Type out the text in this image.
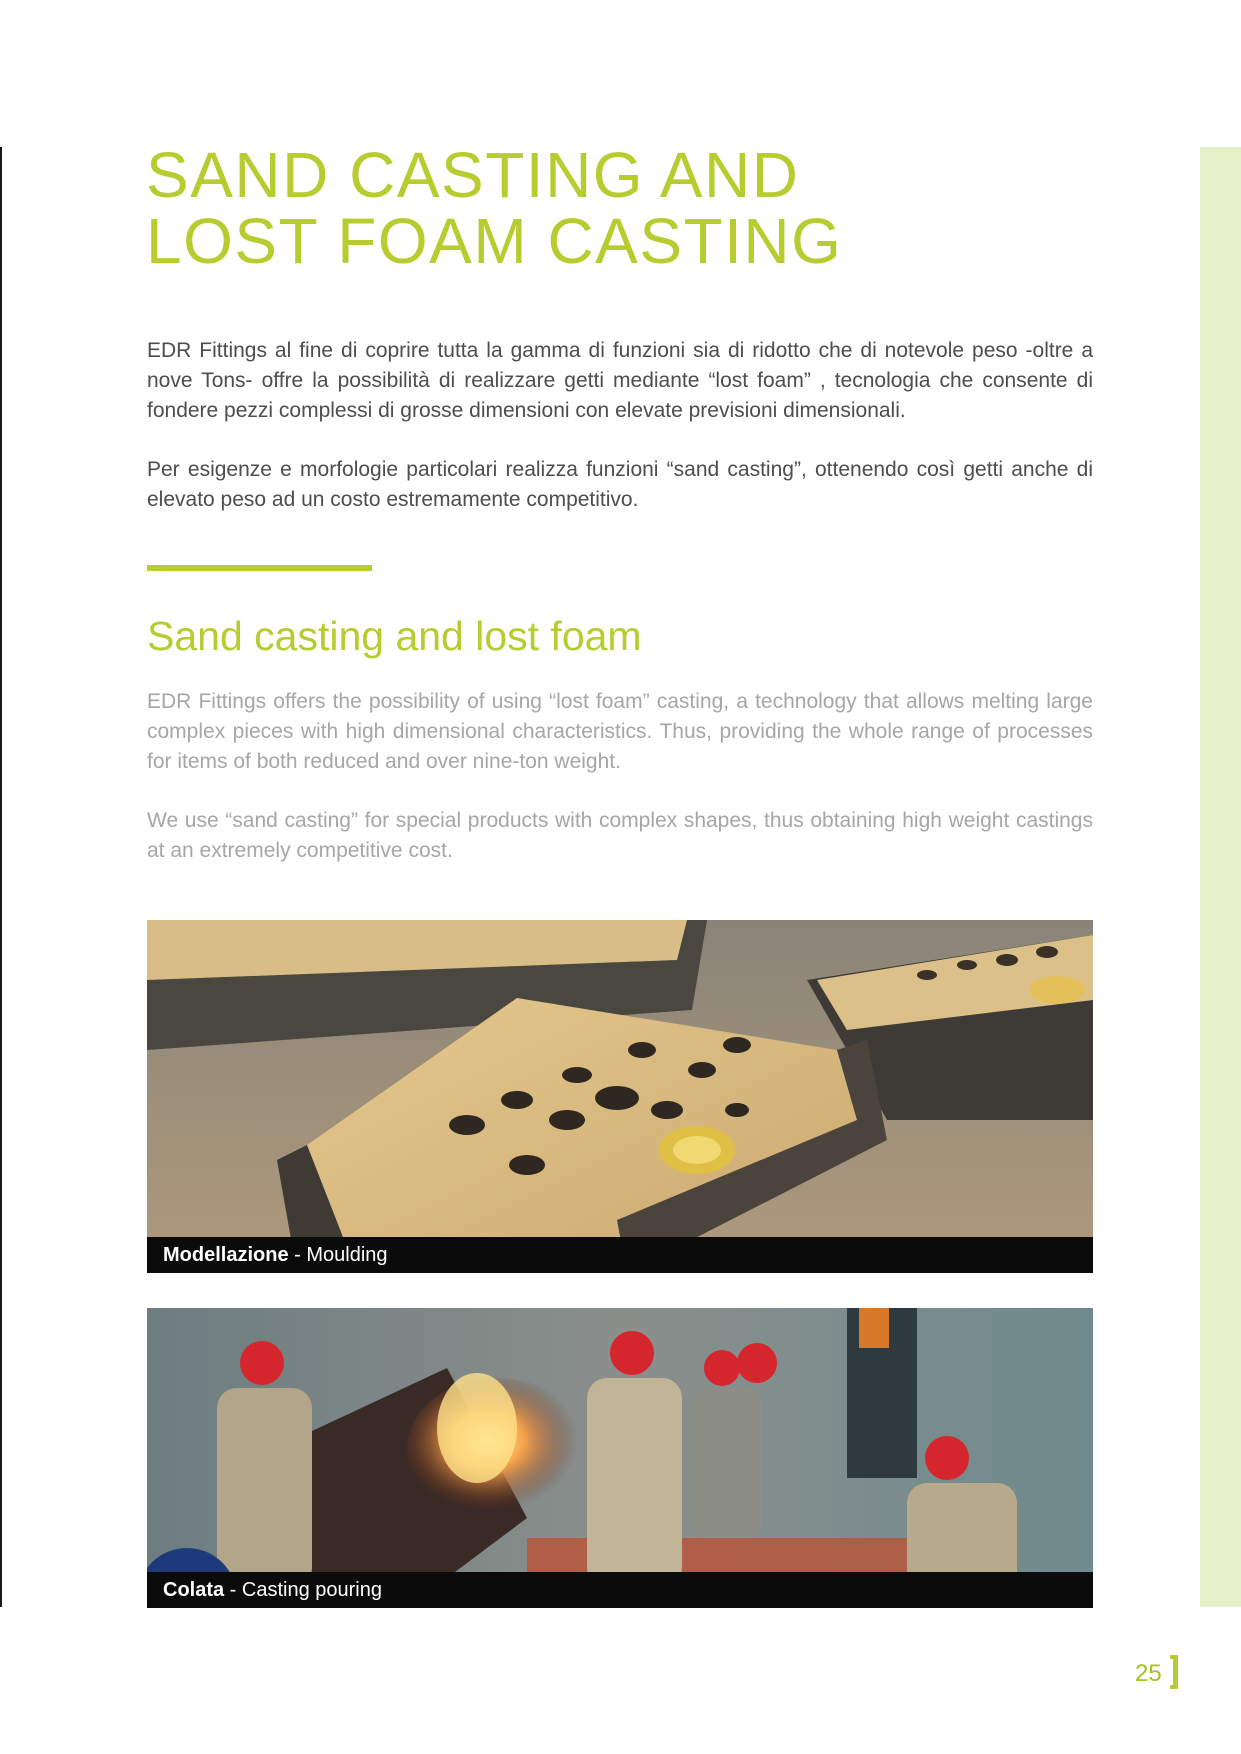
SAND CASTING AND
LOST FOAM CASTING

EDR Fittings al fine di coprire tutta la gamma di funzioni sia di ridotto che di notevole peso -oltre a nove Tons- offre la possibilità di realizzare getti mediante “lost foam” , tecnologia che consente di fondere pezzi complessi di grosse dimensioni con elevate previsioni dimensionali.

Per esigenze e morfologie particolari realizza funzioni “sand casting”, ottenendo così getti anche di elevato peso ad un costo estremamente competitivo.

Sand casting and lost foam

EDR Fittings offers the possibility of using “lost foam” casting, a technology that allows melting large complex pieces with high dimensional characteristics. Thus, providing the whole range of processes for items of both reduced and over nine-ton weight.

We use “sand casting” for special products with complex shapes, thus obtaining high weight castings at an extremely competitive cost.

Modellazione - Moulding
Colata - Casting pouring
25
